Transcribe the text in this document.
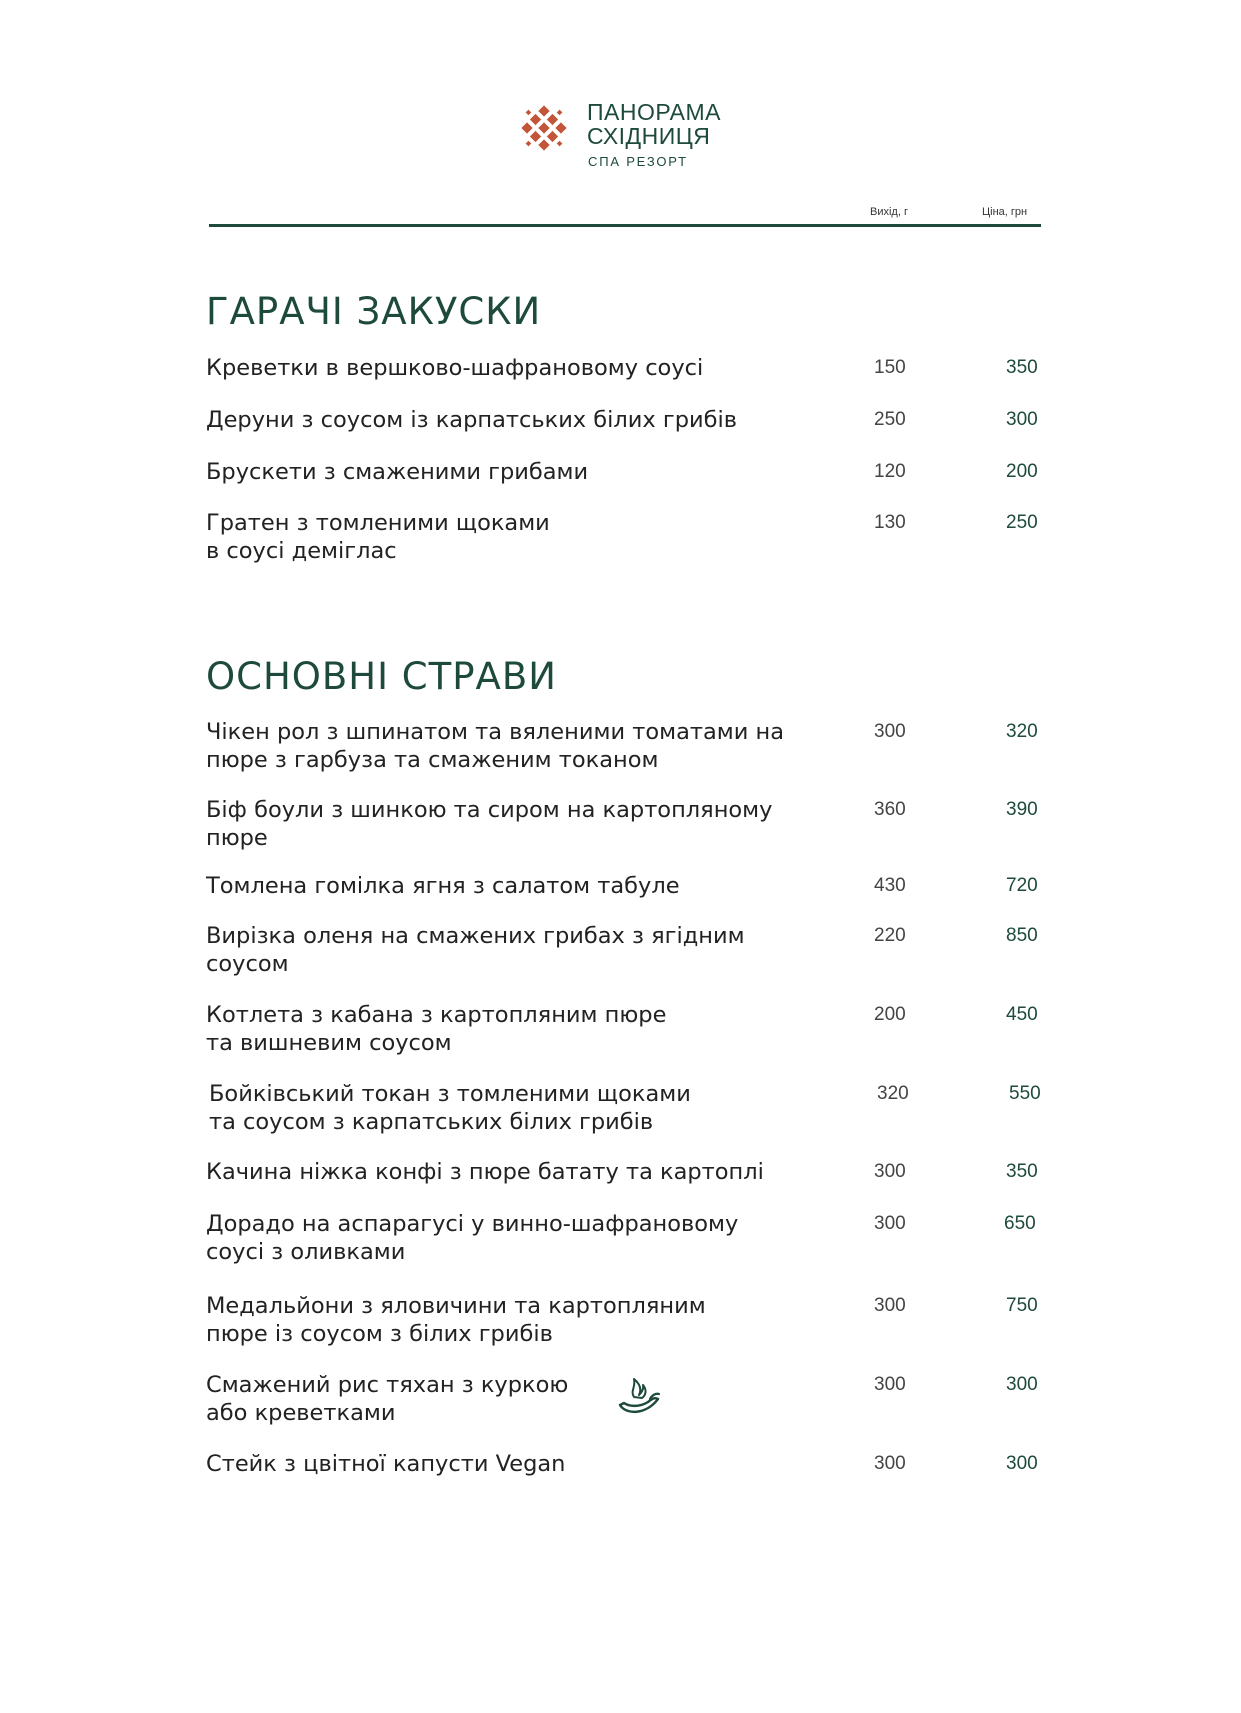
ПАНОРАМА
СХІДНИЦЯ
СПА РЕЗОРТ
Вихід, г	Ціна, грн
ГАРАЧІ ЗАКУСКИ
Креветки в вершково-шафрановому соусі	150	350
Деруни з соусом із карпатських білих грибів	250	300
Брускети з смаженими грибами	120	200
Гратен з томленими щоками
в соусі деміглас
130	250
ОСНОВНІ СТРАВИ
Чікен рол з шпинатом та вяленими томатами на
пюре з гарбуза та смаженим токаном
300	320
Біф боули з шинкою та сиром на картопляному
пюре
360	390
Томлена гомілка ягня з салатом табуле	430	720
Вирізка оленя на смажених грибах з ягідним
соусом
220	850
Котлета з кабана з картопляним пюре
та вишневим соусом
200	450
Бойківський токан з томленими щоками
та соусом з карпатських білих грибів
320	550
Качина ніжка конфі з пюре батату та картоплі	300	350
Дорадо на аспарагусі у винно-шафрановому
соусі з оливками
300	650
Медальйони з яловичини та картопляним
пюре із соусом з білих грибів
300	750
Смажений рис тяхан з куркою
або креветками
300	300
Стейк з цвітної капусти Vegan	300	300
